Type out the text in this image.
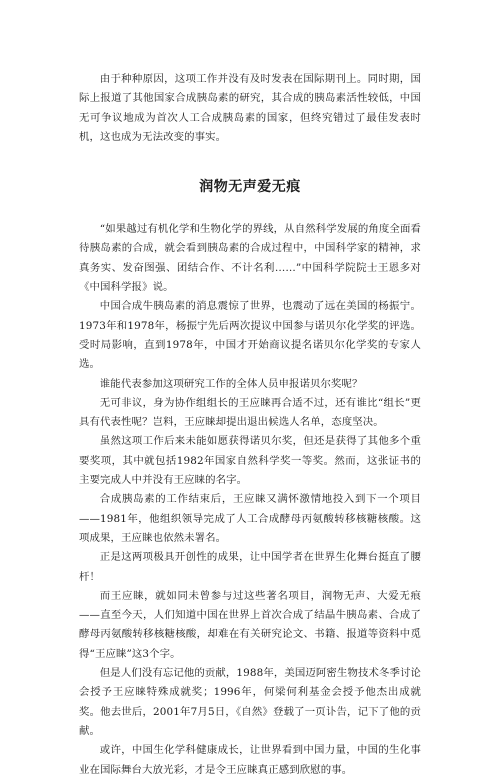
由于种种原因，这项工作并没有及时发表在国际期刊上。同时期，国际上报道了其他国家合成胰岛素的研究，其合成的胰岛素活性较低，中国无可争议地成为首次人工合成胰岛素的国家，但终究错过了最佳发表时机，这也成为无法改变的事实。

润物无声爱无痕

“如果越过有机化学和生物化学的界线，从自然科学发展的角度全面看待胰岛素的合成，就会看到胰岛素的合成过程中，中国科学家的精神，求真务实、发奋图强、团结合作、不计名利……”中国科学院院士王恩多对《中国科学报》说。

中国合成牛胰岛素的消息震惊了世界，也震动了远在美国的杨振宁。1973年和1978年，杨振宁先后两次提议中国参与诺贝尔化学奖的评选。受时局影响，直到1978年，中国才开始商议提名诺贝尔化学奖的专家人选。

谁能代表参加这项研究工作的全体人员申报诺贝尔奖呢？

无可非议，身为协作组组长的王应睐再合适不过，还有谁比“组长”更具有代表性呢？岂料，王应睐却提出退出候选人名单，态度坚决。

虽然这项工作后来未能如愿获得诺贝尔奖，但还是获得了其他多个重要奖项，其中就包括1982年国家自然科学奖一等奖。然而，这张证书的主要完成人中并没有王应睐的名字。

合成胰岛素的工作结束后，王应睐又满怀激情地投入到下一个项目——1981年，他组织领导完成了人工合成酵母丙氨酸转移核糖核酸。这项成果，王应睐也依然未署名。

正是这两项极具开创性的成果，让中国学者在世界生化舞台挺直了腰杆！

而王应睐，就如同未曾参与过这些著名项目，润物无声、大爱无痕——直至今天，人们知道中国在世界上首次合成了结晶牛胰岛素、合成了酵母丙氨酸转移核糖核酸，却难在有关研究论文、书籍、报道等资料中觅得“王应睐”这3个字。

但是人们没有忘记他的贡献，1988年，美国迈阿密生物技术冬季讨论会授予王应睐特殊成就奖；1996年，何梁何利基金会授予他杰出成就奖。他去世后，2001年7月5日，《自然》登载了一页讣告，记下了他的贡献。

或许，中国生化学科健康成长，让世界看到中国力量，中国的生化事业在国际舞台大放光彩，才是令王应睐真正感到欣慰的事。
